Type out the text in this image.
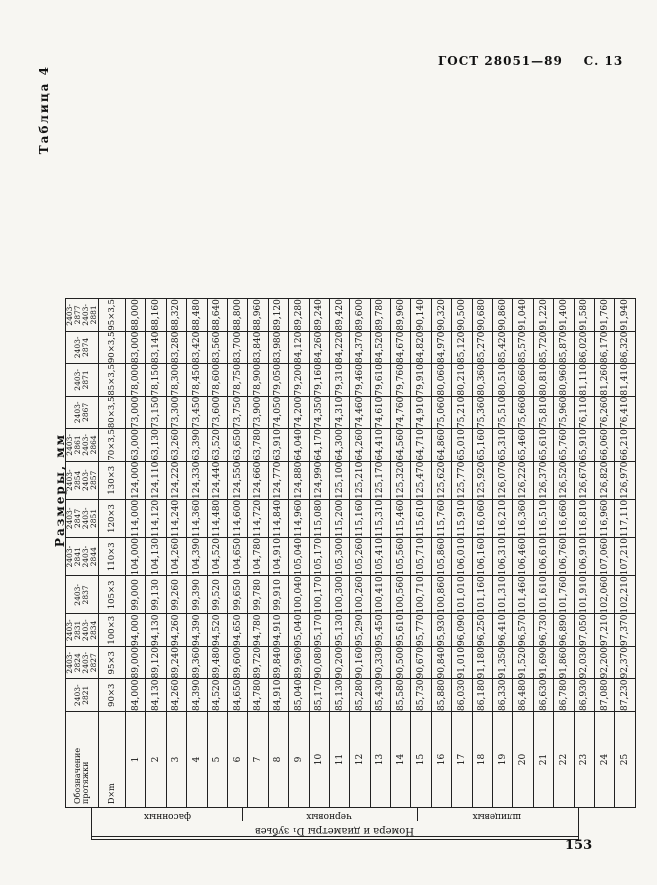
ГОСТ 28051—89 С. 13
Таблица 4
Размеры, мм
Номера и диаметры D₁ зубьев
фасонных	черновых	шлицевых
Обозначение протяжки	2403-2821	2403-2824 2403-2827	2403-2831 2403-2834	2403-2837	2403-2841 2403-2844	2403-2847 2403-2851	2403-2854 2403-2857	2403-2861 2403-2864	2403-2867	2403-2871	2403-2874	2403-2877 2403-2881
D×m	90×3	95×3	100×3	105×3	110×3	120×3	130×3	70×3,5	80×3,5	85×3,5	90×3,5	95×3,5
1	84,000	89,000	94,000	99,000	104,000	114,000	124,000	63,000	73,000	78,000	83,000	88,000
2	84,130	89,120	94,130	99,130	104,130	114,120	124,110	63,130	73,150	78,150	83,140	88,160
3	84,260	89,240	94,260	99,260	104,260	114,240	124,220	63,260	73,300	78,300	83,280	88,320
4	84,390	89,360	94,390	99,390	104,390	114,360	124,330	63,390	73,450	78,450	83,420	88,480
5	84,520	89,480	94,520	99,520	104,520	114,480	124,440	63,520	73,600	78,600	83,560	88,640
6	84,650	89,600	94,650	99,650	104,650	114,600	124,550	63,650	73,750	78,750	83,700	88,800
7	84,780	89,720	94,780	99,780	104,780	114,720	124,660	63,780	73,900	78,900	83,840	88,960
8	84,910	89,840	94,910	99,910	104,910	114,840	124,770	63,910	74,050	79,050	83,980	89,120
9	85,040	89,960	95,040	100,040	105,040	114,960	124,880	64,040	74,200	79,200	84,120	89,280
10	85,170	90,080	95,170	100,170	105,170	115,080	124,990	64,170	74,350	79,160	84,260	89,240
11	85,130	90,200	95,130	100,300	105,300	115,200	125,100	64,300	74,310	79,310	84,220	89,420
12	85,280	90,160	95,290	100,260	105,260	115,160	125,210	64,260	74,460	79,460	84,370	89,600
13	85,430	90,330	95,450	100,410	105,410	115,310	125,170	64,410	74,610	79,610	84,520	89,780
14	85,580	90,500	95,610	100,560	105,560	115,460	125,320	64,560	74,760	79,760	84,670	89,960
15	85,730	90,670	95,770	100,710	105,710	115,610	125,470	64,710	74,910	79,910	84,820	90,140
16	85,880	90,840	95,930	100,860	105,860	115,760	125,620	64,860	75,060	80,060	84,970	90,320
17	86,030	91,010	96,090	101,010	106,010	115,910	125,770	65,010	75,210	80,210	85,120	90,500
18	86,180	91,180	96,250	101,160	106,160	116,060	125,920	65,160	75,360	80,360	85,270	90,680
19	86,330	91,350	96,410	101,310	106,310	116,210	126,070	65,310	75,510	80,510	85,420	90,860
20	86,480	91,520	96,570	101,460	106,460	116,360	126,220	65,460	75,660	80,660	85,570	91,040
21	86,630	91,690	96,730	101,610	106,610	116,510	126,370	65,610	75,810	80,810	85,720	91,220
22	86,780	91,860	96,890	101,760	106,760	116,660	126,520	65,760	75,960	80,960	85,870	91,400
23	86,930	92,030	97,050	101,910	106,910	116,810	126,670	65,910	76,110	81,110	86,020	91,580
24	87,080	92,200	97,210	102,060	107,060	116,960	126,820	66,060	76,260	81,260	86,170	91,760
25	87,230	92,370	97,370	102,210	107,210	117,110	126,970	66,210	76,410	81,410	86,320	91,940
153
